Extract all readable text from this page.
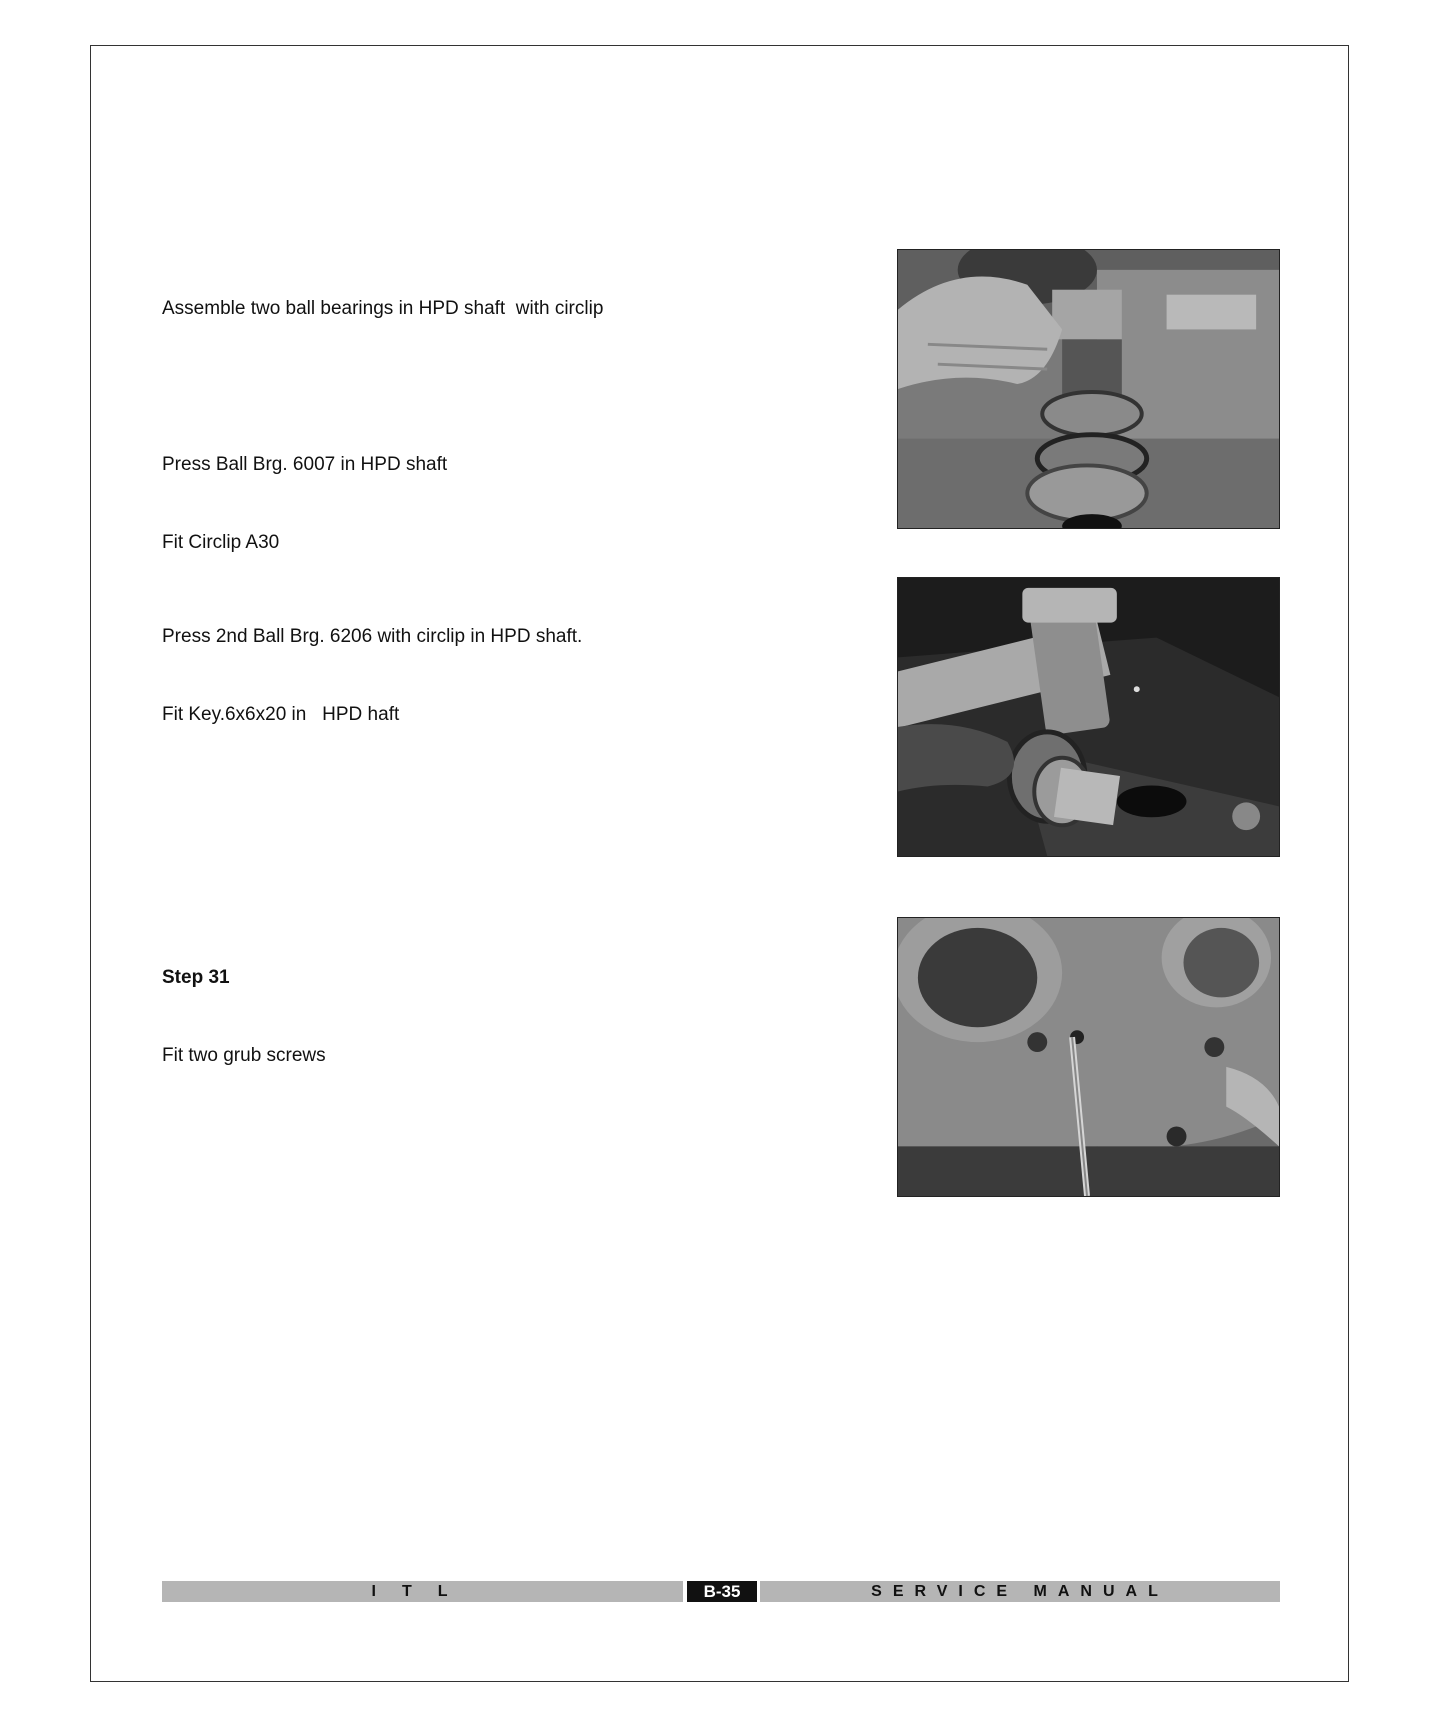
Assemble two ball bearings in HPD shaft  with circlip

Press Ball Brg. 6007 in HPD shaft

Fit Circlip A30

Press 2nd Ball Brg. 6206 with circlip in HPD shaft.

Fit Key.6x6x20 in   HPD haft

Step 31

Fit two grub screws

ITL	B-35	SERVICE MANUAL
